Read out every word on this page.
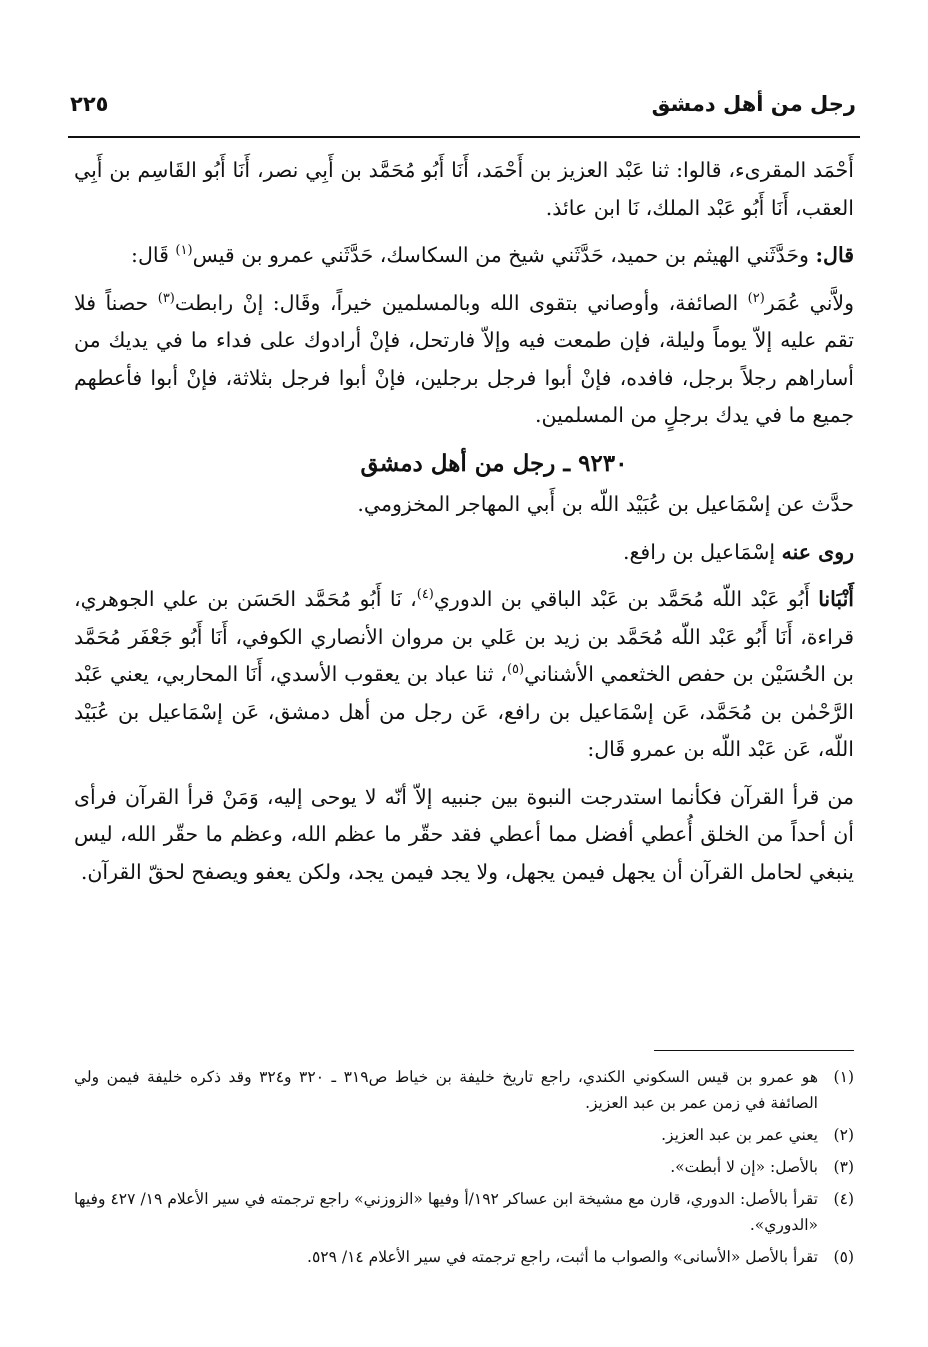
رجل من أهل دمشق
٢٢٥

أَحْمَد المقرىء، قالوا: ثنا عَبْد العزيز بن أَحْمَد، أَنَا أَبُو مُحَمَّد بن أَبِي نصر، أَنَا أَبُو القَاسِم بن أَبِي العقب، أَنَا أَبُو عَبْد الملك، نَا ابن عائذ.

قال: وحَدَّثَني الهيثم بن حميد، حَدَّثَني شيخ من السكاسك، حَدَّثَني عمرو بن قيس$^{(١)}$ قَال:

ولاَّني عُمَر$^{(٢)}$ الصائفة، وأوصاني بتقوى الله وبالمسلمين خيراً، وقَال: إنْ رابطت$^{(٣)}$ حصناً فلا تقم عليه إلاّ يوماً وليلة، فإن طمعت فيه وإلاّ فارتحل، فإنْ أرادوك على فداء ما في يديك من أساراهم رجلاً برجل، فافده، فإنْ أبوا فرجل برجلين، فإنْ أبوا فرجل بثلاثة، فإنْ أبوا فأعطهم جميع ما في يدك برجلٍ من المسلمين.

٩٢٣٠ ـ رجل من أهل دمشق

حدَّث عن إسْمَاعيل بن عُبَيْد اللّه بن أَبي المهاجر المخزومي.

روى عنه إسْمَاعيل بن رافع.

أَنْبَانا أَبُو عَبْد اللّه مُحَمَّد بن عَبْد الباقي بن الدوري$^{(٤)}$، نَا أَبُو مُحَمَّد الحَسَن بن علي الجوهري، قراءة، أَنَا أَبُو عَبْد اللّه مُحَمَّد بن زيد بن عَلي بن مروان الأنصاري الكوفي، أَنَا أَبُو جَعْفَر مُحَمَّد بن الحُسَيْن بن حفص الخثعمي الأشناني$^{(٥)}$، ثنا عباد بن يعقوب الأسدي، أَنَا المحاربي، يعني عَبْد الرَّحْمٰن بن مُحَمَّد، عَن إسْمَاعيل بن رافع، عَن رجل من أهل دمشق، عَن إسْمَاعيل بن عُبَيْد اللّه، عَن عَبْد اللّه بن عمرو قَال:

من قرأ القرآن فكأنما استدرجت النبوة بين جنبيه إلاّ أنّه لا يوحى إليه، وَمَنْ قرأ القرآن فرأى أن أحداً من الخلق أُعطي أفضل مما أعطي فقد حقّر ما عظم الله، وعظم ما حقّر الله، ليس ينبغي لحامل القرآن أن يجهل فيمن يجهل، ولا يجد فيمن يجد، ولكن يعفو ويصفح لحقّ القرآن.

(١)
هو عمرو بن قيس السكوني الكندي، راجع تاريخ خليفة بن خياط ص٣١٩ ـ ٣٢٠ و٣٢٤ وقد ذكره خليفة فيمن ولي الصائفة في زمن عمر بن عبد العزيز.
(٢)
يعني عمر بن عبد العزيز.
(٣)
بالأصل: «إن لا أبطت».
(٤)
تقرأ بالأصل: الدوري، قارن مع مشيخة ابن عساكر ١٩٢/أ وفيها «الزوزني» راجع ترجمته في سير الأعلام ١٩/ ٤٢٧ وفيها «الدوري».
(٥)
تقرأ بالأصل «الأسانى» والصواب ما أثبت، راجع ترجمته في سير الأعلام ١٤/ ٥٢٩.
